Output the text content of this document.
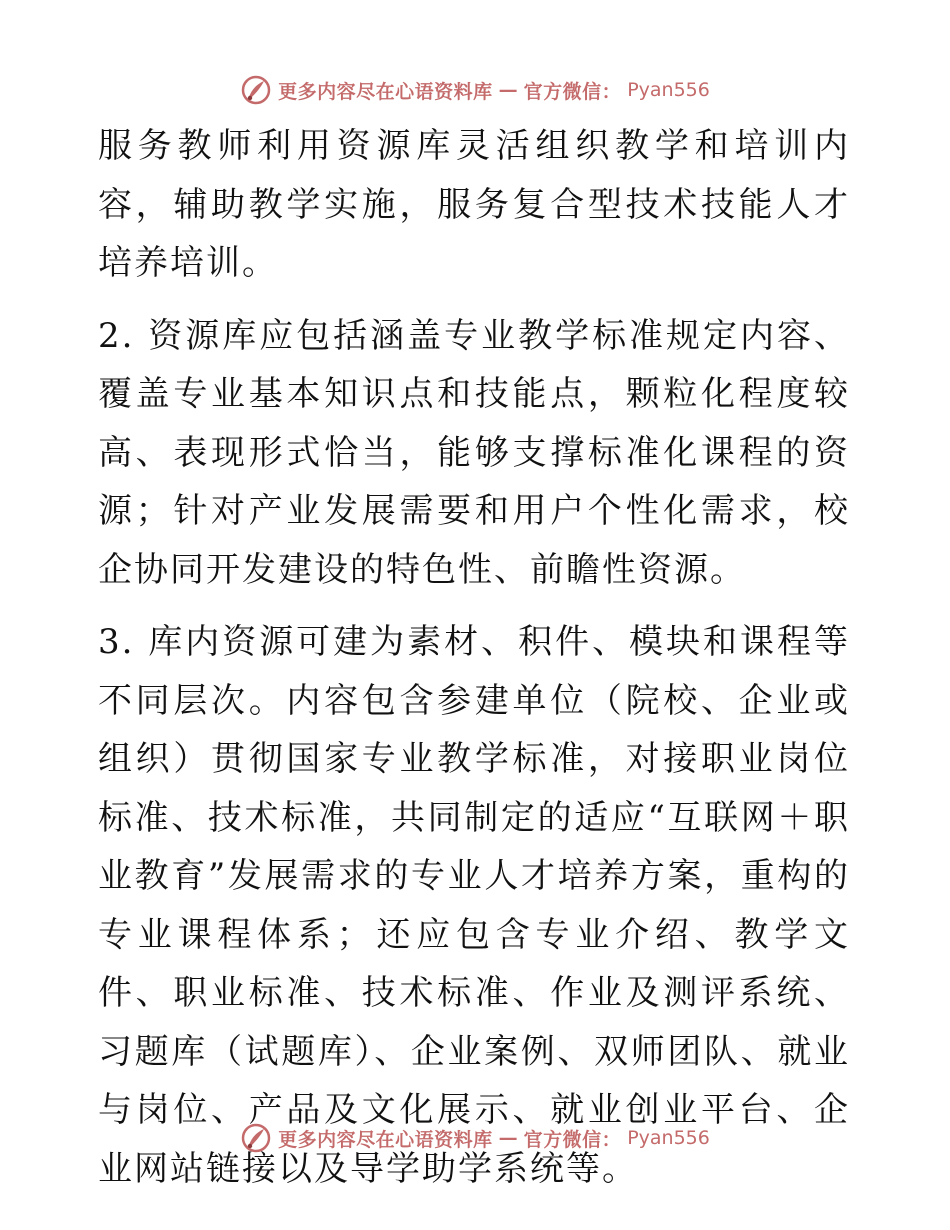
更多内容尽在心语资料库 — 官方微信： Pyan556

服务教师利用资源库灵活组织教学和培训内容，辅助教学实施，服务复合型技术技能人才培养培训。

2. 资源库应包括涵盖专业教学标准规定内容、覆盖专业基本知识点和技能点，颗粒化程度较高、表现形式恰当，能够支撑标准化课程的资源；针对产业发展需要和用户个性化需求，校企协同开发建设的特色性、前瞻性资源。

3. 库内资源可建为素材、积件、模块和课程等不同层次。内容包含参建单位（院校、企业或组织）贯彻国家专业教学标准，对接职业岗位标准、技术标准，共同制定的适应“互联网＋职业教育”发展需求的专业人才培养方案，重构的专业课程体系；还应包含专业介绍、教学文件、职业标准、技术标准、作业及测评系统、习题库（试题库）、企业案例、双师团队、就业与岗位、产品及文化展示、就业创业平台、企业网站链接以及导学助学系统等。

更多内容尽在心语资料库 — 官方微信： Pyan556
